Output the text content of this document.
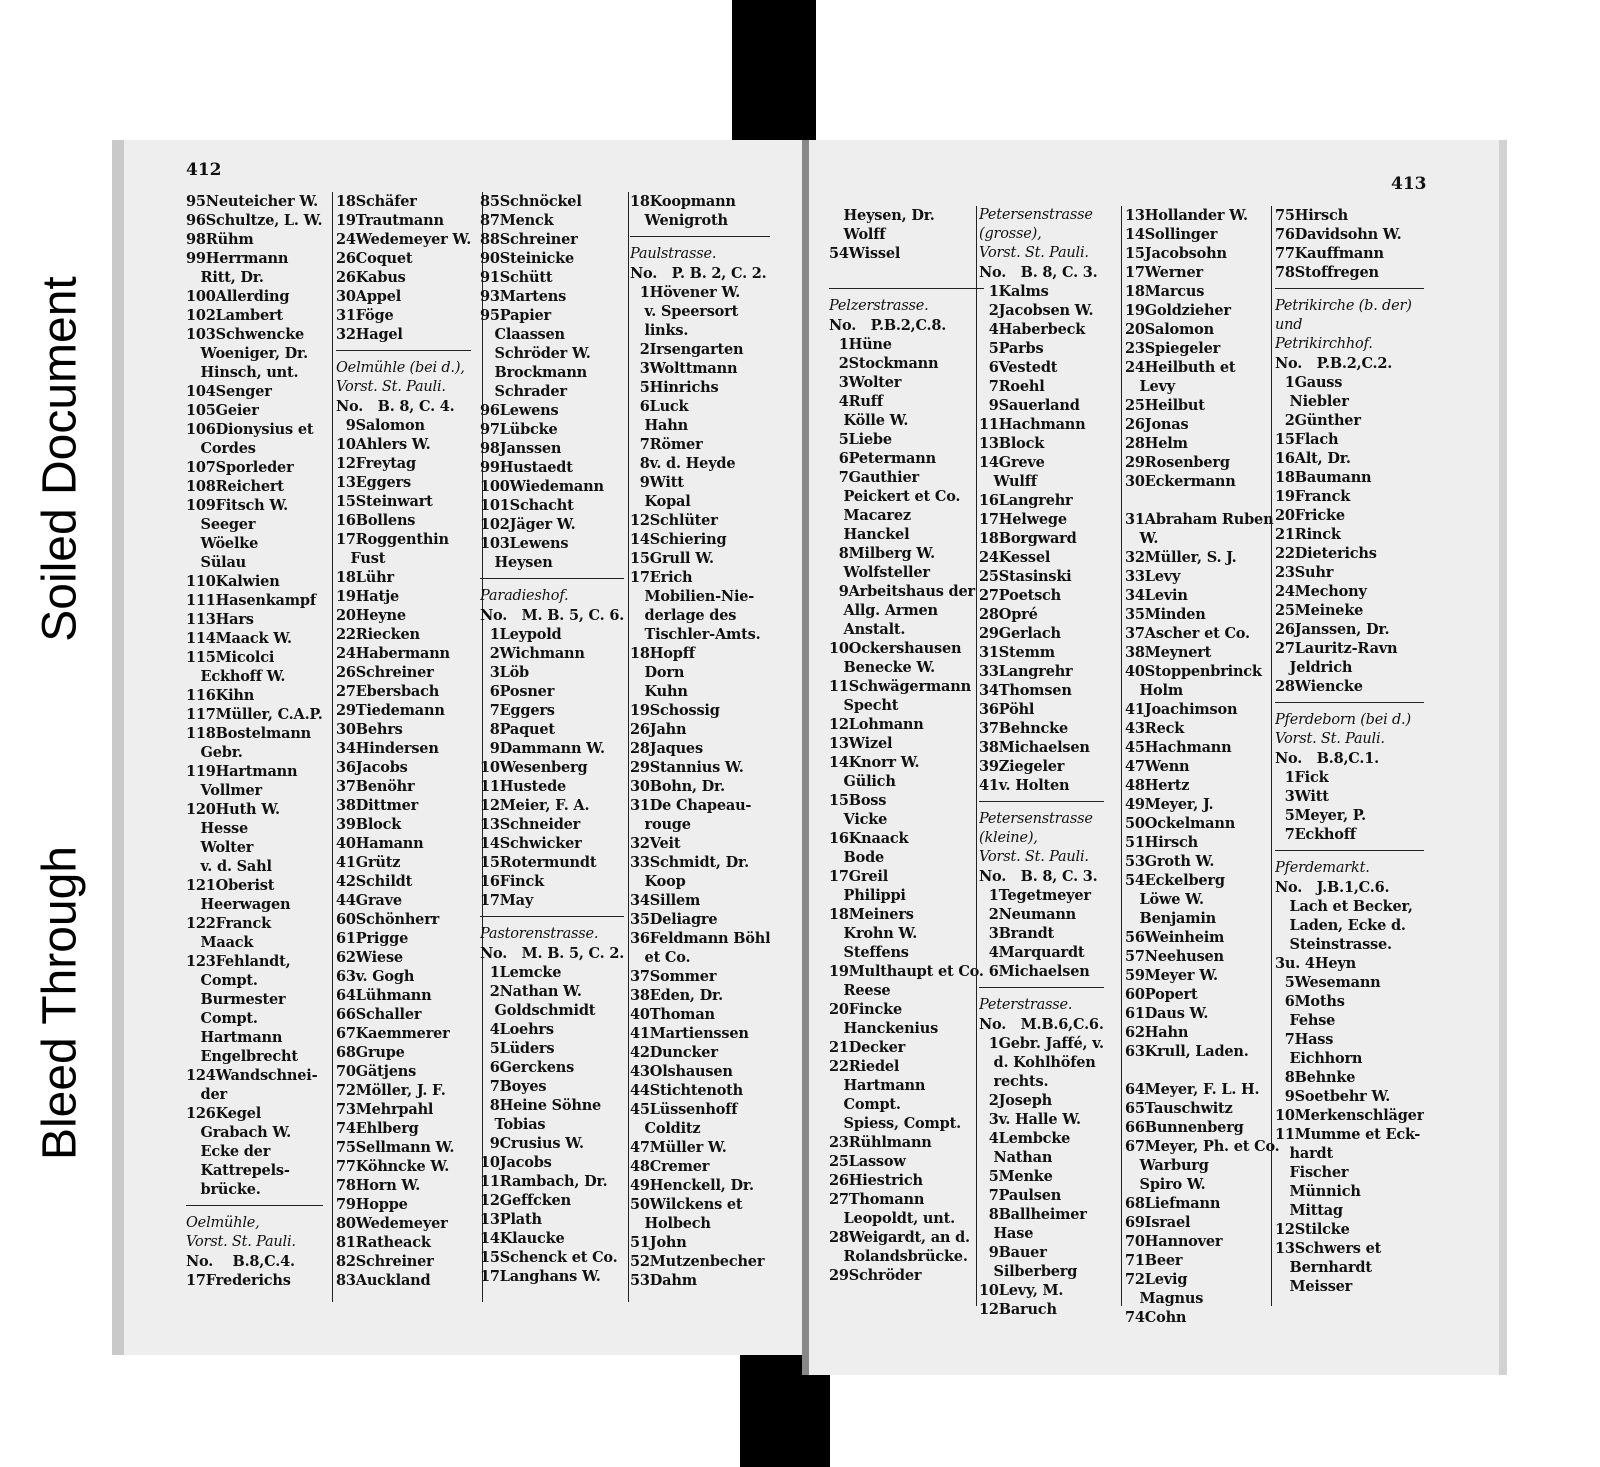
Soiled Document
Bleed Through
412
95Neuteicher W.
96Schultze, L. W.
98Rühm
99Herrmann
Ritt, Dr.
100Allerding
102Lambert
103Schwencke
Woeniger, Dr.
Hinsch, unt.
104Senger
105Geier
106Dionysius et
Cordes
107Sporleder
108Reichert
109Fitsch W.
Seeger
Wöelke
Sülau
110Kalwien
111Hasenkampf
113Hars
114Maack W.
115Micolci
Eckhoff W.
116Kihn
117Müller, C.A.P.
118Bostelmann
Gebr.
119Hartmann
Vollmer
120Huth W.
Hesse
Wolter
v. d. Sahl
121Oberist
Heerwagen
122Franck
Maack
123Fehlandt,
Compt.
Burmester
Compt.
Hartmann
Engelbrecht
124Wandschnei-
der
126Kegel
Grabach W.
Ecke der
Kattrepels-
brücke.
Oelmühle,
Vorst. St. Pauli.
No.    B.8,C.4.
17Frederichs
18Schäfer
19Trautmann
24Wedemeyer W.
26Coquet
26Kabus
30Appel
31Föge
32Hagel
Oelmühle (bei d.),
Vorst. St. Pauli.
No.   B. 8, C. 4.
9Salomon
10Ahlers W.
12Freytag
13Eggers
15Steinwart
16Bollens
17Roggenthin
Fust
18Lühr
19Hatje
20Heyne
22Riecken
24Habermann
26Schreiner
27Ebersbach
29Tiedemann
30Behrs
34Hindersen
36Jacobs
37Benöhr
38Dittmer
39Block
40Hamann
41Grütz
42Schildt
44Grave
60Schönherr
61Prigge
62Wiese
63v. Gogh
64Lühmann
66Schaller
67Kaemmerer
68Grupe
70Gätjens
72Möller, J. F.
73Mehrpahl
74Ehlberg
75Sellmann W.
77Köhncke W.
78Horn W.
79Hoppe
80Wedemeyer
81Ratheack
82Schreiner
83Auckland
85Schnöckel
87Menck
88Schreiner
90Steinicke
91Schütt
93Martens
95Papier
Claassen
Schröder W.
Brockmann
Schrader
96Lewens
97Lübcke
98Janssen
99Hustaedt
100Wiedemann
101Schacht
102Jäger W.
103Lewens
Heysen
Paradieshof.
No.   M. B. 5, C. 6.
1Leypold
2Wichmann
3Löb
6Posner
7Eggers
8Paquet
9Dammann W.
10Wesenberg
11Hustede
12Meier, F. A.
13Schneider
14Schwicker
15Rotermundt
16Finck
17May
Pastorenstrasse.
No.   M. B. 5, C. 2.
1Lemcke
2Nathan W.
Goldschmidt
4Loehrs
5Lüders
6Gerckens
7Boyes
8Heine Söhne
Tobias
9Crusius W.
10Jacobs
11Rambach, Dr.
12Geffcken
13Plath
14Klaucke
15Schenck et Co.
17Langhans W.
18Koopmann
Wenigroth
Paulstrasse.
No.   P. B. 2, C. 2.
1Hövener W.
v. Speersort
links.
2Irsengarten
3Wolttmann
5Hinrichs
6Luck
Hahn
7Römer
8v. d. Heyde
9Witt
Kopal
12Schlüter
14Schiering
15Grull W.
17Erich
Mobilien-Nie-
derlage des
Tischler-Amts.
18Hopff
Dorn
Kuhn
19Schossig
26Jahn
28Jaques
29Stannius W.
30Bohn, Dr.
31De Chapeau-
rouge
32Veit
33Schmidt, Dr.
Koop
34Sillem
35Deliagre
36Feldmann Böhl
et Co.
37Sommer
38Eden, Dr.
40Thoman
41Martienssen
42Duncker
43Olshausen
44Stichtenoth
45Lüssenhoff
Colditz
47Müller W.
48Cremer
49Henckell, Dr.
50Wilckens et
Holbech
51John
52Mutzenbecher
53Dahm
413
Heysen, Dr.
Wolff
54Wissel
Pelzerstrasse.
No.   P.B.2,C.8.
1Hüne
2Stockmann
3Wolter
4Ruff
Kölle W.
5Liebe
6Petermann
7Gauthier
Peickert et Co.
Macarez
Hanckel
8Milberg W.
Wolfsteller
9Arbeitshaus der
Allg. Armen
Anstalt.
10Ockershausen
Benecke W.
11Schwägermann
Specht
12Lohmann
13Wizel
14Knorr W.
Gülich
15Boss
Vicke
16Knaack
Bode
17Greil
Philippi
18Meiners
Krohn W.
Steffens
19Multhaupt et Co.
Reese
20Fincke
Hanckenius
21Decker
22Riedel
Hartmann
Compt.
Spiess, Compt.
23Rühlmann
25Lassow
26Hiestrich
27Thomann
Leopoldt, unt.
28Weigardt, an d.
Rolandsbrücke.
29Schröder
Petersenstrasse
(grosse),
Vorst. St. Pauli.
No.   B. 8, C. 3.
1Kalms
2Jacobsen W.
4Haberbeck
5Parbs
6Vestedt
7Roehl
9Sauerland
11Hachmann
13Block
14Greve
Wulff
16Langrehr
17Helwege
18Borgward
24Kessel
25Stasinski
27Poetsch
28Opré
29Gerlach
31Stemm
33Langrehr
34Thomsen
36Pöhl
37Behncke
38Michaelsen
39Ziegeler
41v. Holten
Petersenstrasse
(kleine),
Vorst. St. Pauli.
No.   B. 8, C. 3.
1Tegetmeyer
2Neumann
3Brandt
4Marquardt
6Michaelsen
Peterstrasse.
No.   M.B.6,C.6.
1Gebr. Jaffé, v.
d. Kohlhöfen
rechts.
2Joseph
3v. Halle W.
4Lembcke
Nathan
5Menke
7Paulsen
8Ballheimer
Hase
9Bauer
Silberberg
10Levy, M.
12Baruch
13Hollander W.
14Sollinger
15Jacobsohn
17Werner
18Marcus
19Goldzieher
20Salomon
23Spiegeler
24Heilbuth et
Levy
25Heilbut
26Jonas
28Helm
29Rosenberg
30Eckermann
31Abraham Ruben
W.
32Müller, S. J.
33Levy
34Levin
35Minden
37Ascher et Co.
38Meynert
40Stoppenbrinck
Holm
41Joachimson
43Reck
45Hachmann
47Wenn
48Hertz
49Meyer, J.
50Ockelmann
51Hirsch
53Groth W.
54Eckelberg
Löwe W.
Benjamin
56Weinheim
57Neehusen
59Meyer W.
60Popert
61Daus W.
62Hahn
63Krull, Laden.
64Meyer, F. L. H.
65Tauschwitz
66Bunnenberg
67Meyer, Ph. et Co.
Warburg
Spiro W.
68Liefmann
69Israel
70Hannover
71Beer
72Levig
Magnus
74Cohn
75Hirsch
76Davidsohn W.
77Kauffmann
78Stoffregen
Petrikirche (b. der)
und
Petrikirchhof.
No.   P.B.2,C.2.
1Gauss
Niebler
2Günther
15Flach
16Alt, Dr.
18Baumann
19Franck
20Fricke
21Rinck
22Dieterichs
23Suhr
24Mechony
25Meineke
26Janssen, Dr.
27Lauritz-Ravn
Jeldrich
28Wiencke
Pferdeborn (bei d.)
Vorst. St. Pauli.
No.   B.8,C.1.
1Fick
3Witt
5Meyer, P.
7Eckhoff
Pferdemarkt.
No.   J.B.1,C.6.
Lach et Becker,
Laden, Ecke d.
Steinstrasse.
3u. 4Heyn
5Wesemann
6Moths
Fehse
7Hass
Eichhorn
8Behnke
9Soetbehr W.
10Merkenschläger
11Mumme et Eck-
hardt
Fischer
Münnich
Mittag
12Stilcke
13Schwers et
Bernhardt
Meisser
